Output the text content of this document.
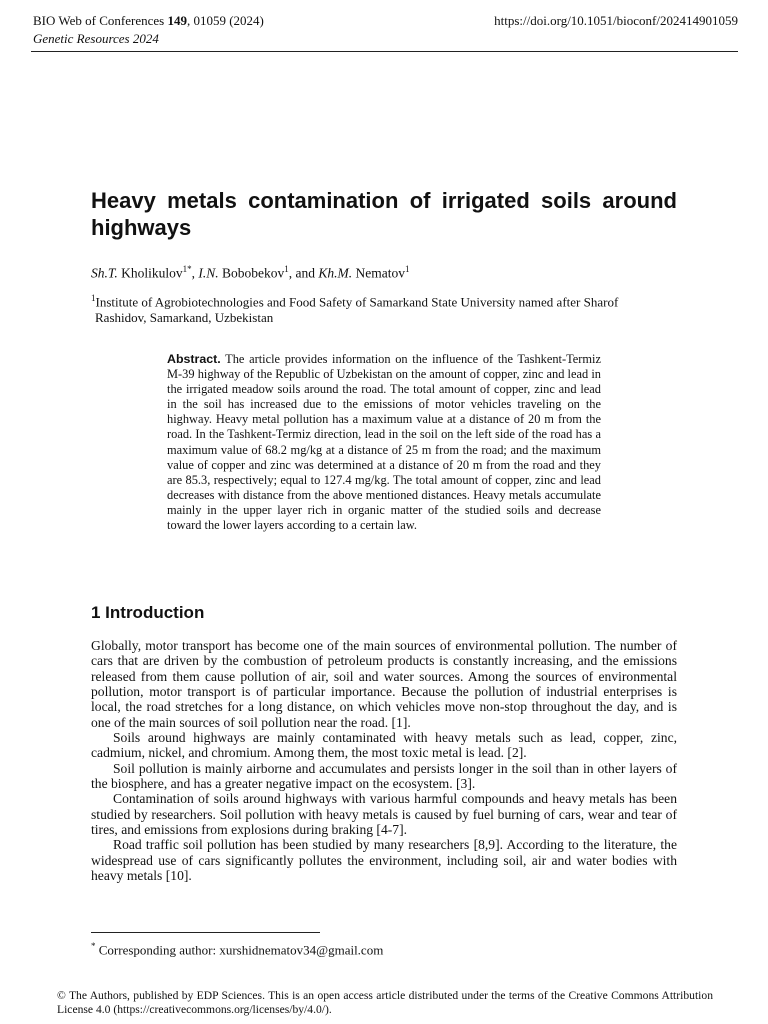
BIO Web of Conferences 149, 01059 (2024)
Genetic Resources 2024
https://doi.org/10.1051/bioconf/202414901059
Heavy metals contamination of irrigated soils around highways
Sh.T. Kholikulov$^{1*}$, I.N. Bobobekov$^1$, and Kh.M. Nematov$^1$
$^1$Institute of Agrobiotechnologies and Food Safety of Samarkand State University named after Sharof
Rashidov, Samarkand, Uzbekistan
Abstract. The article provides information on the influence of the Tashkent-Termiz M-39 highway of the Republic of Uzbekistan on the amount of copper, zinc and lead in the irrigated meadow soils around the road. The total amount of copper, zinc and lead in the soil has increased due to the emissions of motor vehicles traveling on the highway. Heavy metal pollution has a maximum value at a distance of 20 m from the road. In the Tashkent-Termiz direction, lead in the soil on the left side of the road has a maximum value of 68.2 mg/kg at a distance of 25 m from the road; and the maximum value of copper and zinc was determined at a distance of 20 m from the road and they are 85.3, respectively; equal to 127.4 mg/kg. The total amount of copper, zinc and lead decreases with distance from the above mentioned distances. Heavy metals accumulate mainly in the upper layer rich in organic matter of the studied soils and decrease toward the lower layers according to a certain law.
1 Introduction

Globally, motor transport has become one of the main sources of environmental pollution. The number of cars that are driven by the combustion of petroleum products is constantly increasing, and the emissions released from them cause pollution of air, soil and water sources. Among the sources of environmental pollution, motor transport is of particular importance. Because the pollution of industrial enterprises is local, the road stretches for a long distance, on which vehicles move non-stop throughout the day, and is one of the main sources of soil pollution near the road. [1].

Soils around highways are mainly contaminated with heavy metals such as lead, copper, zinc, cadmium, nickel, and chromium. Among them, the most toxic metal is lead. [2].

Soil pollution is mainly airborne and accumulates and persists longer in the soil than in other layers of the biosphere, and has a greater negative impact on the ecosystem. [3].

Contamination of soils around highways with various harmful compounds and heavy metals has been studied by researchers. Soil pollution with heavy metals is caused by fuel burning of cars, wear and tear of tires, and emissions from explosions during braking [4-7].

Road traffic soil pollution has been studied by many researchers [8,9]. According to the literature, the widespread use of cars significantly pollutes the environment, including soil, air and water bodies with heavy metals [10].

* Corresponding author: xurshidnematov34@gmail.com
© The Authors, published by EDP Sciences. This is an open access article distributed under the terms of the Creative Commons Attribution License 4.0 (https://creativecommons.org/licenses/by/4.0/).
